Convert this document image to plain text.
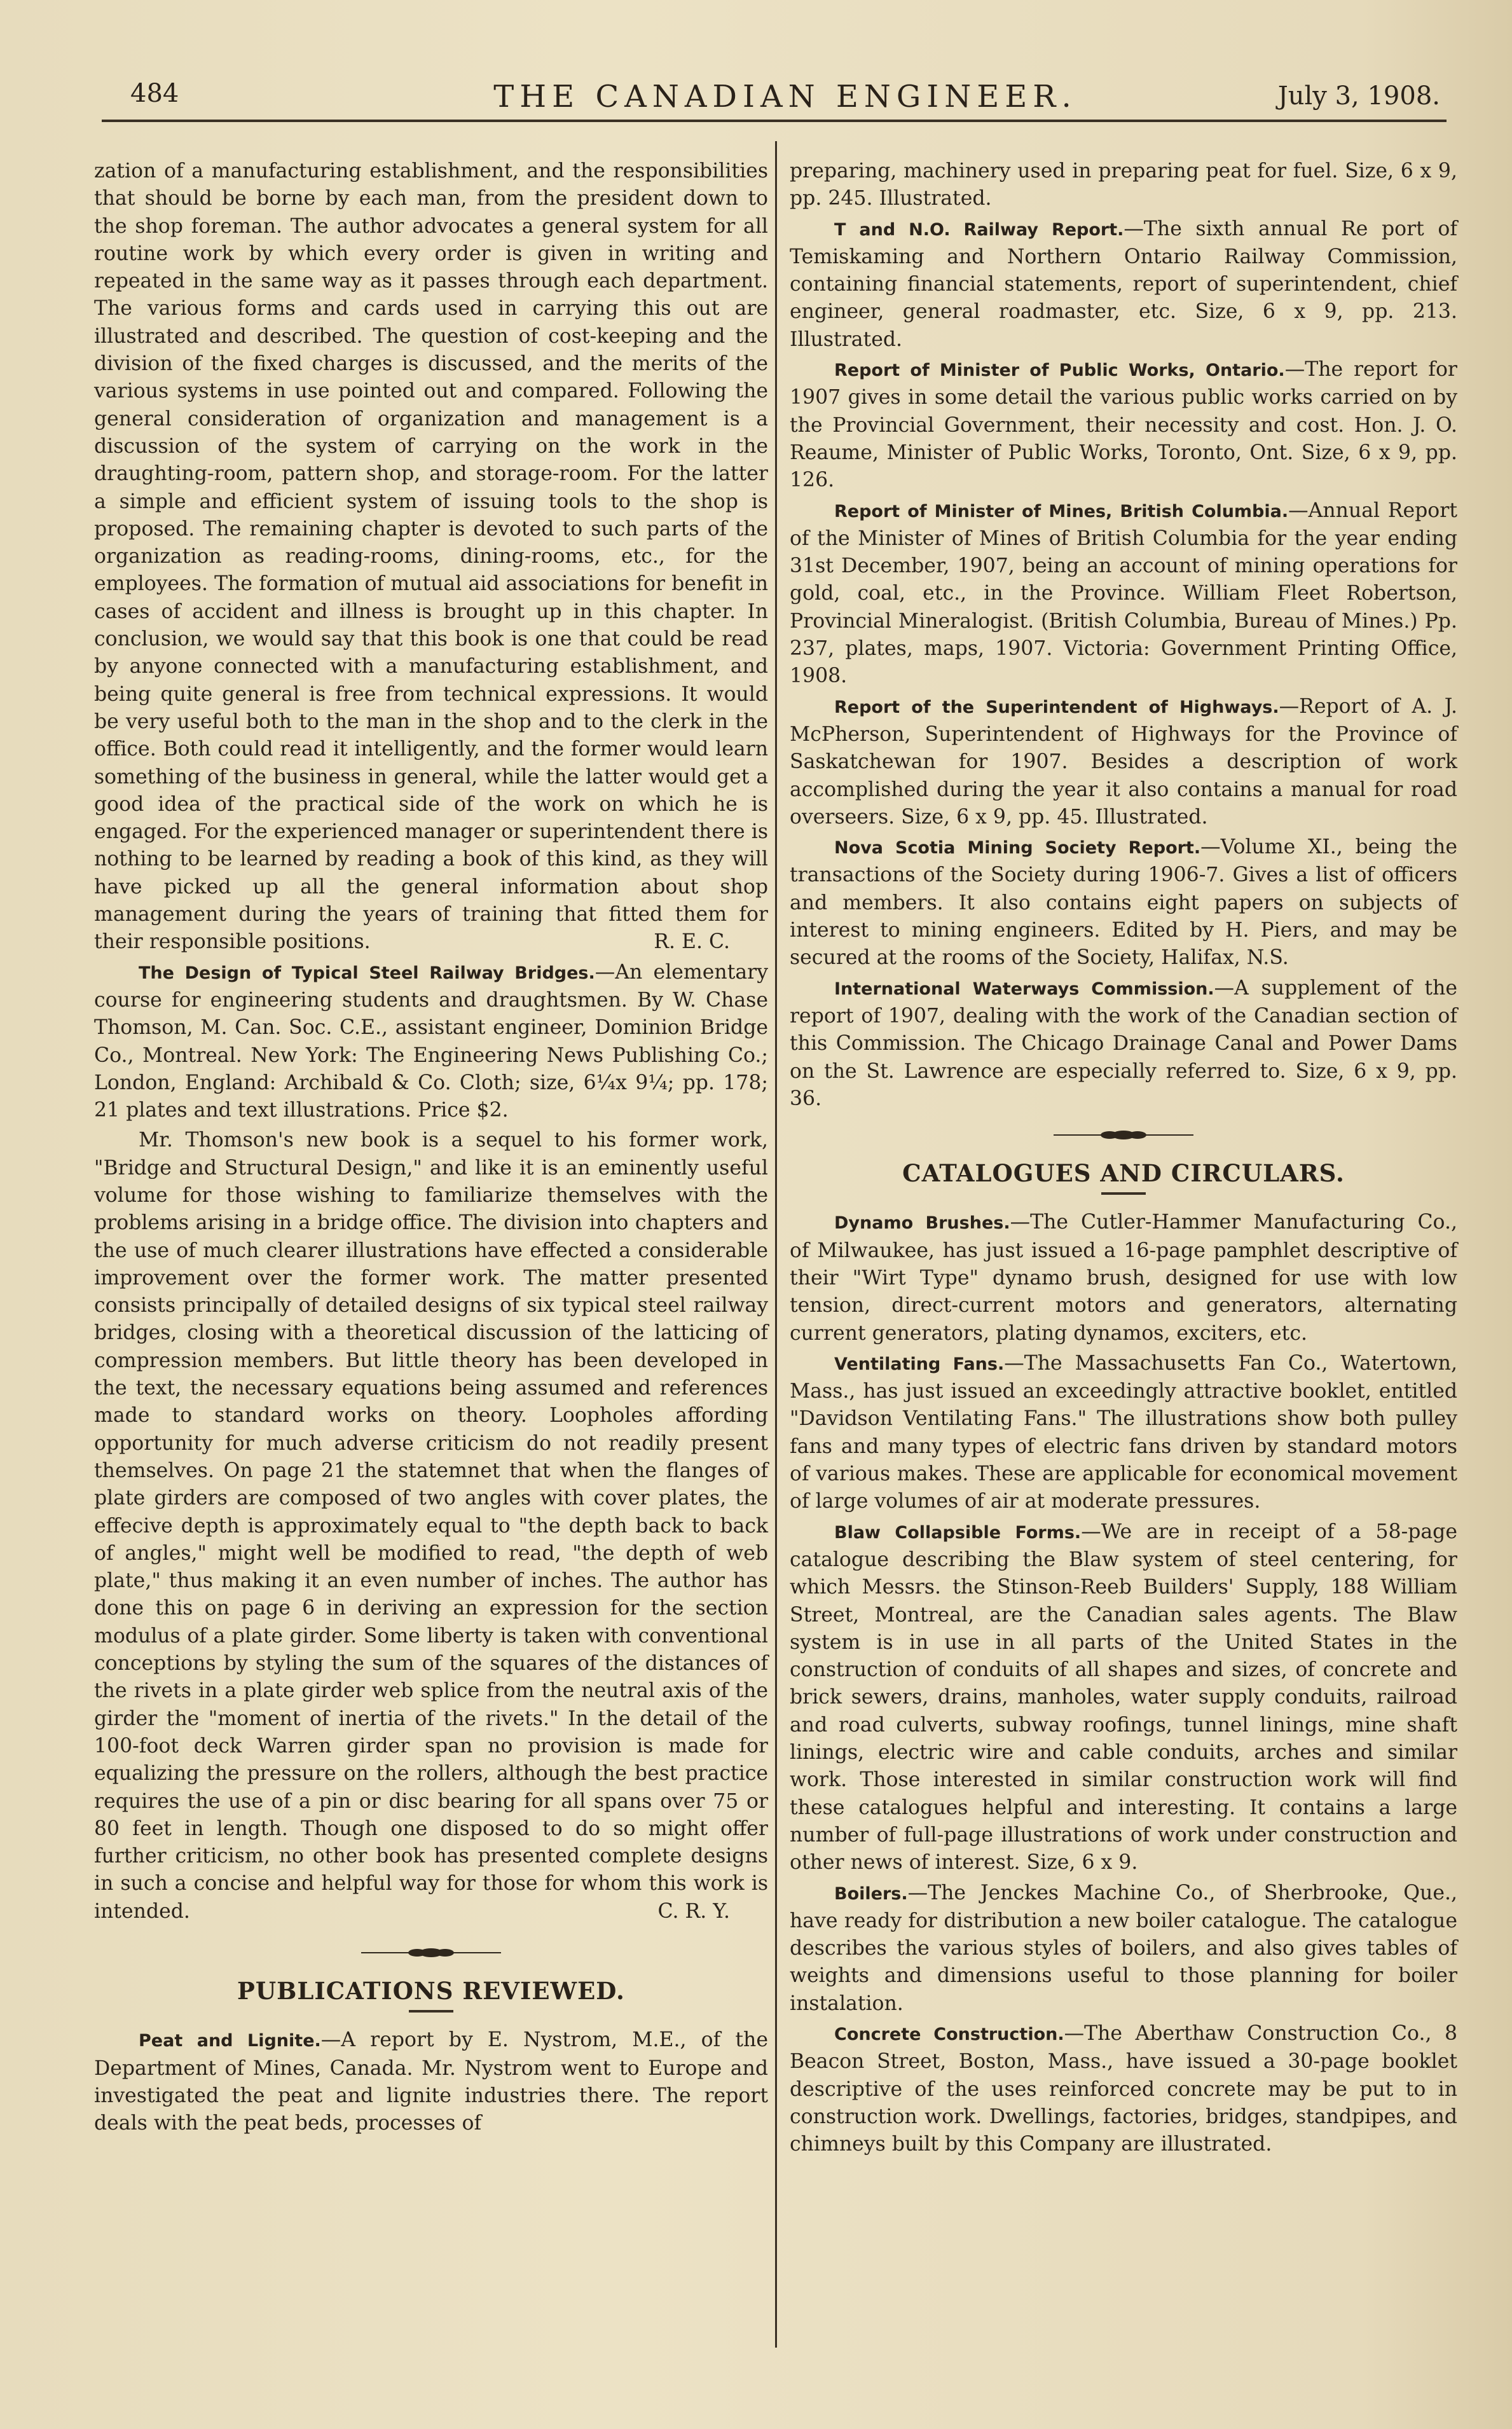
484	THE CANADIAN ENGINEER.	July 3, 1908.

zation of a manufacturing establishment, and the responsibilities that should be borne by each man, from the president down to the shop foreman. The author advocates a general system for all routine work by which every order is given in writing and repeated in the same way as it passes through each department. The various forms and cards used in carrying this out are illustrated and described. The question of cost-keeping and the division of the fixed charges is discussed, and the merits of the various systems in use pointed out and compared. Following the general consideration of organization and management is a discussion of the system of carrying on the work in the draughting-room, pattern shop, and storage-room. For the latter a simple and efficient system of issuing tools to the shop is proposed. The remaining chapter is devoted to such parts of the organization as reading-rooms, dining-rooms, etc., for the employees. The formation of mutual aid associations for benefit in cases of accident and illness is brought up in this chapter. In conclusion, we would say that this book is one that could be read by anyone connected with a manufacturing establishment, and being quite general is free from technical expressions. It would be very useful both to the man in the shop and to the clerk in the office. Both could read it intelligently, and the former would learn something of the business in general, while the latter would get a good idea of the practical side of the work on which he is engaged. For the experienced manager or superintendent there is nothing to be learned by reading a book of this kind, as they will have picked up all the general information about shop management during the years of training that fitted them for their responsible positions.	R. E. C.

The Design of Typical Steel Railway Bridges.—An elementary course for engineering students and draughtsmen. By W. Chase Thomson, M. Can. Soc. C.E., assistant engineer, Dominion Bridge Co., Montreal. New York: The Engineering News Publishing Co.; London, England: Archibald & Co. Cloth; size, 6¼x 9¼; pp. 178; 21 plates and text illustrations. Price $2.

Mr. Thomson's new book is a sequel to his former work, "Bridge and Structural Design," and like it is an eminently useful volume for those wishing to familiarize themselves with the problems arising in a bridge office. The division into chapters and the use of much clearer illustrations have effected a considerable improvement over the former work. The matter presented consists principally of detailed designs of six typical steel railway bridges, closing with a theoretical discussion of the latticing of compression members. But little theory has been developed in the text, the necessary equations being assumed and references made to standard works on theory. Loopholes affording opportunity for much adverse criticism do not readily present themselves. On page 21 the statemnet that when the flanges of plate girders are composed of two angles with cover plates, the effecive depth is approximately equal to "the depth back to back of angles," might well be modified to read, "the depth of web plate," thus making it an even number of inches. The author has done this on page 6 in deriving an expression for the section modulus of a plate girder. Some liberty is taken with conventional conceptions by styling the sum of the squares of the distances of the rivets in a plate girder web splice from the neutral axis of the girder the "moment of inertia of the rivets." In the detail of the 100-foot deck Warren girder span no provision is made for equalizing the pressure on the rollers, although the best practice requires the use of a pin or disc bearing for all spans over 75 or 80 feet in length. Though one disposed to do so might offer further criticism, no other book has presented complete designs in such a concise and helpful way for those for whom this work is intended.	C. R. Y.

PUBLICATIONS REVIEWED.

Peat and Lignite.—A report by E. Nystrom, M.E., of the Department of Mines, Canada. Mr. Nystrom went to Europe and investigated the peat and lignite industries there. The report deals with the peat beds, processes of

preparing, machinery used in preparing peat for fuel. Size, 6 x 9, pp. 245. Illustrated.

T and N.O. Railway Report.—The sixth annual Re port of Temiskaming and Northern Ontario Railway Commission, containing financial statements, report of superintendent, chief engineer, general roadmaster, etc. Size, 6 x 9, pp. 213. Illustrated.

Report of Minister of Public Works, Ontario.—The report for 1907 gives in some detail the various public works carried on by the Provincial Government, their necessity and cost. Hon. J. O. Reaume, Minister of Public Works, Toronto, Ont. Size, 6 x 9, pp. 126.

Report of Minister of Mines, British Columbia.—Annual Report of the Minister of Mines of British Columbia for the year ending 31st December, 1907, being an account of mining operations for gold, coal, etc., in the Province. William Fleet Robertson, Provincial Mineralogist. (British Columbia, Bureau of Mines.) Pp. 237, plates, maps, 1907. Victoria: Government Printing Office, 1908.

Report of the Superintendent of Highways.—Report of A. J. McPherson, Superintendent of Highways for the Province of Saskatchewan for 1907. Besides a description of work accomplished during the year it also contains a manual for road overseers. Size, 6 x 9, pp. 45. Illustrated.

Nova Scotia Mining Society Report.—Volume XI., being the transactions of the Society during 1906-7. Gives a list of officers and members. It also contains eight papers on subjects of interest to mining engineers. Edited by H. Piers, and may be secured at the rooms of the Society, Halifax, N.S.

International Waterways Commission.—A supplement of the report of 1907, dealing with the work of the Canadian section of this Commission. The Chicago Drainage Canal and Power Dams on the St. Lawrence are especially referred to. Size, 6 x 9, pp. 36.

CATALOGUES AND CIRCULARS.

Dynamo Brushes.—The Cutler-Hammer Manufacturing Co., of Milwaukee, has just issued a 16-page pamphlet descriptive of their "Wirt Type" dynamo brush, designed for use with low tension, direct-current motors and generators, alternating current generators, plating dynamos, exciters, etc.

Ventilating Fans.—The Massachusetts Fan Co., Watertown, Mass., has just issued an exceedingly attractive booklet, entitled "Davidson Ventilating Fans." The illustrations show both pulley fans and many types of electric fans driven by standard motors of various makes. These are applicable for economical movement of large volumes of air at moderate pressures.

Blaw Collapsible Forms.—We are in receipt of a 58-page catalogue describing the Blaw system of steel centering, for which Messrs. the Stinson-Reeb Builders' Supply, 188 William Street, Montreal, are the Canadian sales agents. The Blaw system is in use in all parts of the United States in the construction of conduits of all shapes and sizes, of concrete and brick sewers, drains, manholes, water supply conduits, railroad and road culverts, subway roofings, tunnel linings, mine shaft linings, electric wire and cable conduits, arches and similar work. Those interested in similar construction work will find these catalogues helpful and interesting. It contains a large number of full-page illustrations of work under construction and other news of interest. Size, 6 x 9.

Boilers.—The Jenckes Machine Co., of Sherbrooke, Que., have ready for distribution a new boiler catalogue. The catalogue describes the various styles of boilers, and also gives tables of weights and dimensions useful to those planning for boiler instalation.

Concrete Construction.—The Aberthaw Construction Co., 8 Beacon Street, Boston, Mass., have issued a 30-page booklet descriptive of the uses reinforced concrete may be put to in construction work. Dwellings, factories, bridges, standpipes, and chimneys built by this Company are illustrated.
